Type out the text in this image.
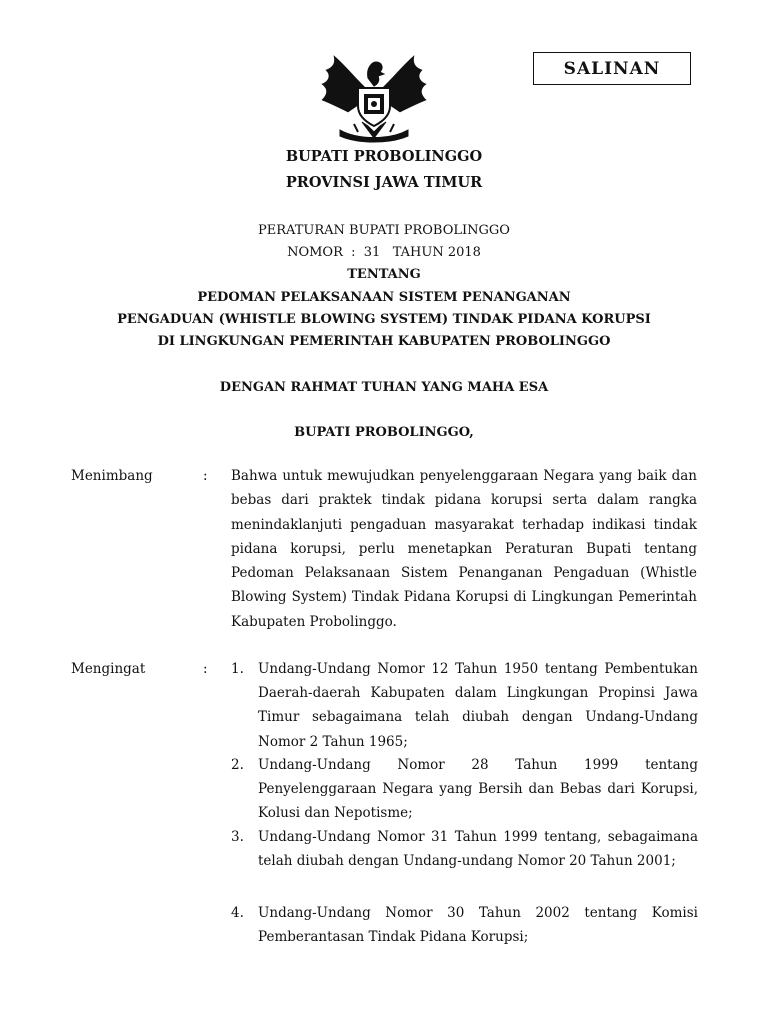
SALINAN
BUPATI PROBOLINGGO
PROVINSI JAWA TIMUR
PERATURAN BUPATI PROBOLINGGO
NOMOR  :  31   TAHUN 2018
TENTANG
PEDOMAN PELAKSANAAN SISTEM PENANGANAN
PENGADUAN (WHISTLE BLOWING SYSTEM) TINDAK PIDANA KORUPSI
DI LINGKUNGAN PEMERINTAH KABUPATEN PROBOLINGGO
DENGAN RAHMAT TUHAN YANG MAHA ESA
BUPATI PROBOLINGGO,
Menimbang	: Bahwa untuk mewujudkan penyelenggaraan Negara yang baik dan bebas dari praktek tindak pidana korupsi serta dalam rangka menindaklanjuti pengaduan masyarakat terhadap indikasi tindak pidana korupsi, perlu menetapkan Peraturan Bupati tentang Pedoman Pelaksanaan Sistem Penanganan Pengaduan (Whistle Blowing System) Tindak Pidana Korupsi di Lingkungan Pemerintah Kabupaten Probolinggo.
Mengingat	: 1. Undang-Undang Nomor 12 Tahun 1950 tentang Pembentukan Daerah-daerah Kabupaten dalam Lingkungan Propinsi Jawa Timur sebagaimana telah diubah dengan Undang-Undang Nomor 2 Tahun 1965;
2. Undang-Undang Nomor 28 Tahun 1999 tentang Penyelenggaraan Negara yang Bersih dan Bebas dari Korupsi, Kolusi dan Nepotisme;
3. Undang-Undang Nomor 31 Tahun 1999 tentang, sebagaimana telah diubah dengan Undang-undang Nomor 20 Tahun 2001;
4. Undang-Undang Nomor 30 Tahun 2002 tentang Komisi Pemberantasan Tindak Pidana Korupsi;
